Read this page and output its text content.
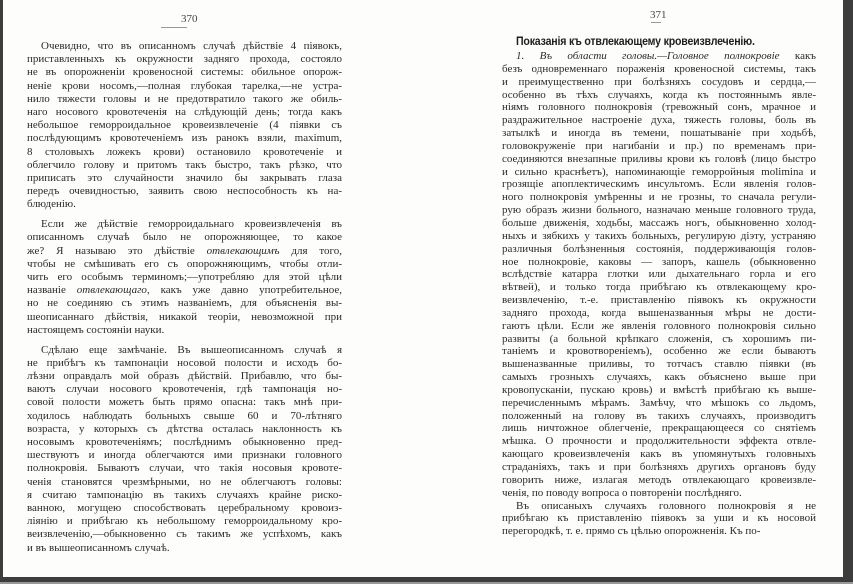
370
Очевидно, что въ описанномъ случаѣ дѣйствіе 4 піявокъ,
приставленныхъ къ окружности задняго прохода, состояло
не въ опорожненіи кровеносной системы: обильное опорож-
неніе крови носомъ,—полная глубокая тарелка,—не устра-
нило тяжести головы и не предотвратило такого же обиль-
наго носового кровотеченія на слѣдующій день; тогда какъ
небольшое геморроидальное кровеизвлеченіе (4 піявки съ
послѣдующимъ кровотеченіемъ изъ ранокъ взяли, maximum,
8 столовыхъ ложекъ крови) остановило кровотеченіе и
облегчило голову и притомъ такъ быстро, такъ рѣзко, что
приписать это случайности значило бы закрывать глаза
передъ очевидностью, заявить свою неспособность къ на-
блюденію.
Если же дѣйствіе геморроидальнаго кровеизвлеченія въ
описанномъ случаѣ было не опорожняющее, то какое
же? Я называю это дѣйствіе отвлекающимъ для того,
чтобы не смѣшивать его съ опорожняющимъ, чтобы отли-
чить его особымъ терминомъ;—употребляю для этой цѣли
названіе отвлекающаго, какъ уже давно употребительное,
но не соединяю съ этимъ названіемъ, для объясненія вы-
шеописаннаго дѣйствія, никакой теоріи, невозможной при
настоящемъ состояніи науки.
Сдѣлаю еще замѣчаніе. Въ вышеописанномъ случаѣ я
не прибѣгъ къ тампонаціи носовой полости и исходъ бо-
лѣзни оправдалъ мой образъ дѣйствій. Прибавлю, что бы-
ваютъ случаи носового кровотеченія, гдѣ тампонація но-
совой полости можетъ быть прямо опасна: такъ мнѣ при-
ходилось наблюдать больныхъ свыше 60 и 70-лѣтняго
возраста, у которыхъ съ дѣтства осталась наклонность къ
носовымъ кровотеченіямъ; послѣднимъ обыкновенно пред-
шествуютъ и иногда облегчаются ими признаки головного
полнокровія. Бываютъ случаи, что такія носовыя кровоте-
ченія становятся чрезмѣрными, но не облегчаютъ головы:
я считаю тампонацію въ такихъ случаяхъ крайне риско-
ванною, могущею способствовать церебральному кровоиз-
ліянію и прибѣгаю къ небольшому геморроидальному кро-
веизвлеченію,—обыкновенно съ такимъ же успѣхомъ, какъ
и въ вышеописанномъ случаѣ.
371
Показанія къ отвлекающему кровеизвлеченію.
1. Въ области головы.—Головное полнокровіе какъ
безъ одновременнаго пораженія кровеносной системы, такъ
и преимущественно при болѣзняхъ сосудовъ и сердца,—
особенно въ тѣхъ случаяхъ, когда къ постояннымъ явле-
ніямъ головного полнокровія (тревожный сонъ, мрачное и
раздражительное настроеніе духа, тяжесть головы, боль въ
затылкѣ и иногда въ темени, пошатываніе при ходьбѣ,
головокруженіе при нагибаніи и пр.) по временамъ при-
соединяются внезапные приливы крови къ головѣ (лицо быстро
и сильно краснѣетъ), напоминающіе геморройныя molimina и
грозящіе апоплектическимъ инсультомъ. Если явленія голов-
ного полнокровія умѣренны и не грозны, то сначала регули-
рую образъ жизни больного, назначаю меньше головного труда,
больше движенія, ходьбы, массажъ ногъ, обыкновенно холод-
ныхъ и зябкихъ у такихъ больныхъ, регулирую діэту, устраняю
различныя болѣзненныя состоянія, поддерживающія голов-
ное полнокровіе, каковы — запоръ, кашель (обыкновенно
вслѣдствіе катарра глотки или дыхательнаго горла и его
вѣтвей), и только тогда прибѣгаю къ отвлекающему кро-
веизвлеченію, т.-е. приставленію піявокъ къ окружности
задняго прохода, когда вышеназванныя мѣры не дости-
гаютъ цѣли. Если же явленія головного полнокровія сильно
развиты (а больной крѣпкаго сложенія, съ хорошимъ пи-
таніемъ и кровотвореніемъ), особенно же если бываютъ
вышеназванные приливы, то тотчасъ ставлю піявки (въ
самыхъ грозныхъ случаяхъ, какъ объяснено выше при
кровопусканіи, пускаю кровь) и вмѣстѣ прибѣгаю къ выше-
перечисленнымъ мѣрамъ. Замѣчу, что мѣшокъ со льдомъ,
положенный на голову въ такихъ случаяхъ, производитъ
лишь ничтожное облегченіе, прекращающееся со снятіемъ
мѣшка. О прочности и продолжительности эффекта отвле-
кающаго кровеизвлеченія какъ въ упомянутыхъ головныхъ
страданіяхъ, такъ и при болѣзняхъ другихъ органовъ буду
говорить ниже, излагая методъ отвлекающаго кровеизвле-
ченія, по поводу вопроса о повтореніи послѣдняго.
Въ описаныхъ случаяхъ головного полнокровія я не
прибѣгаю къ приставленію піявокъ за уши и къ носовой
перегородкѣ, т. е. прямо съ цѣлью опорожненія. Къ по-
